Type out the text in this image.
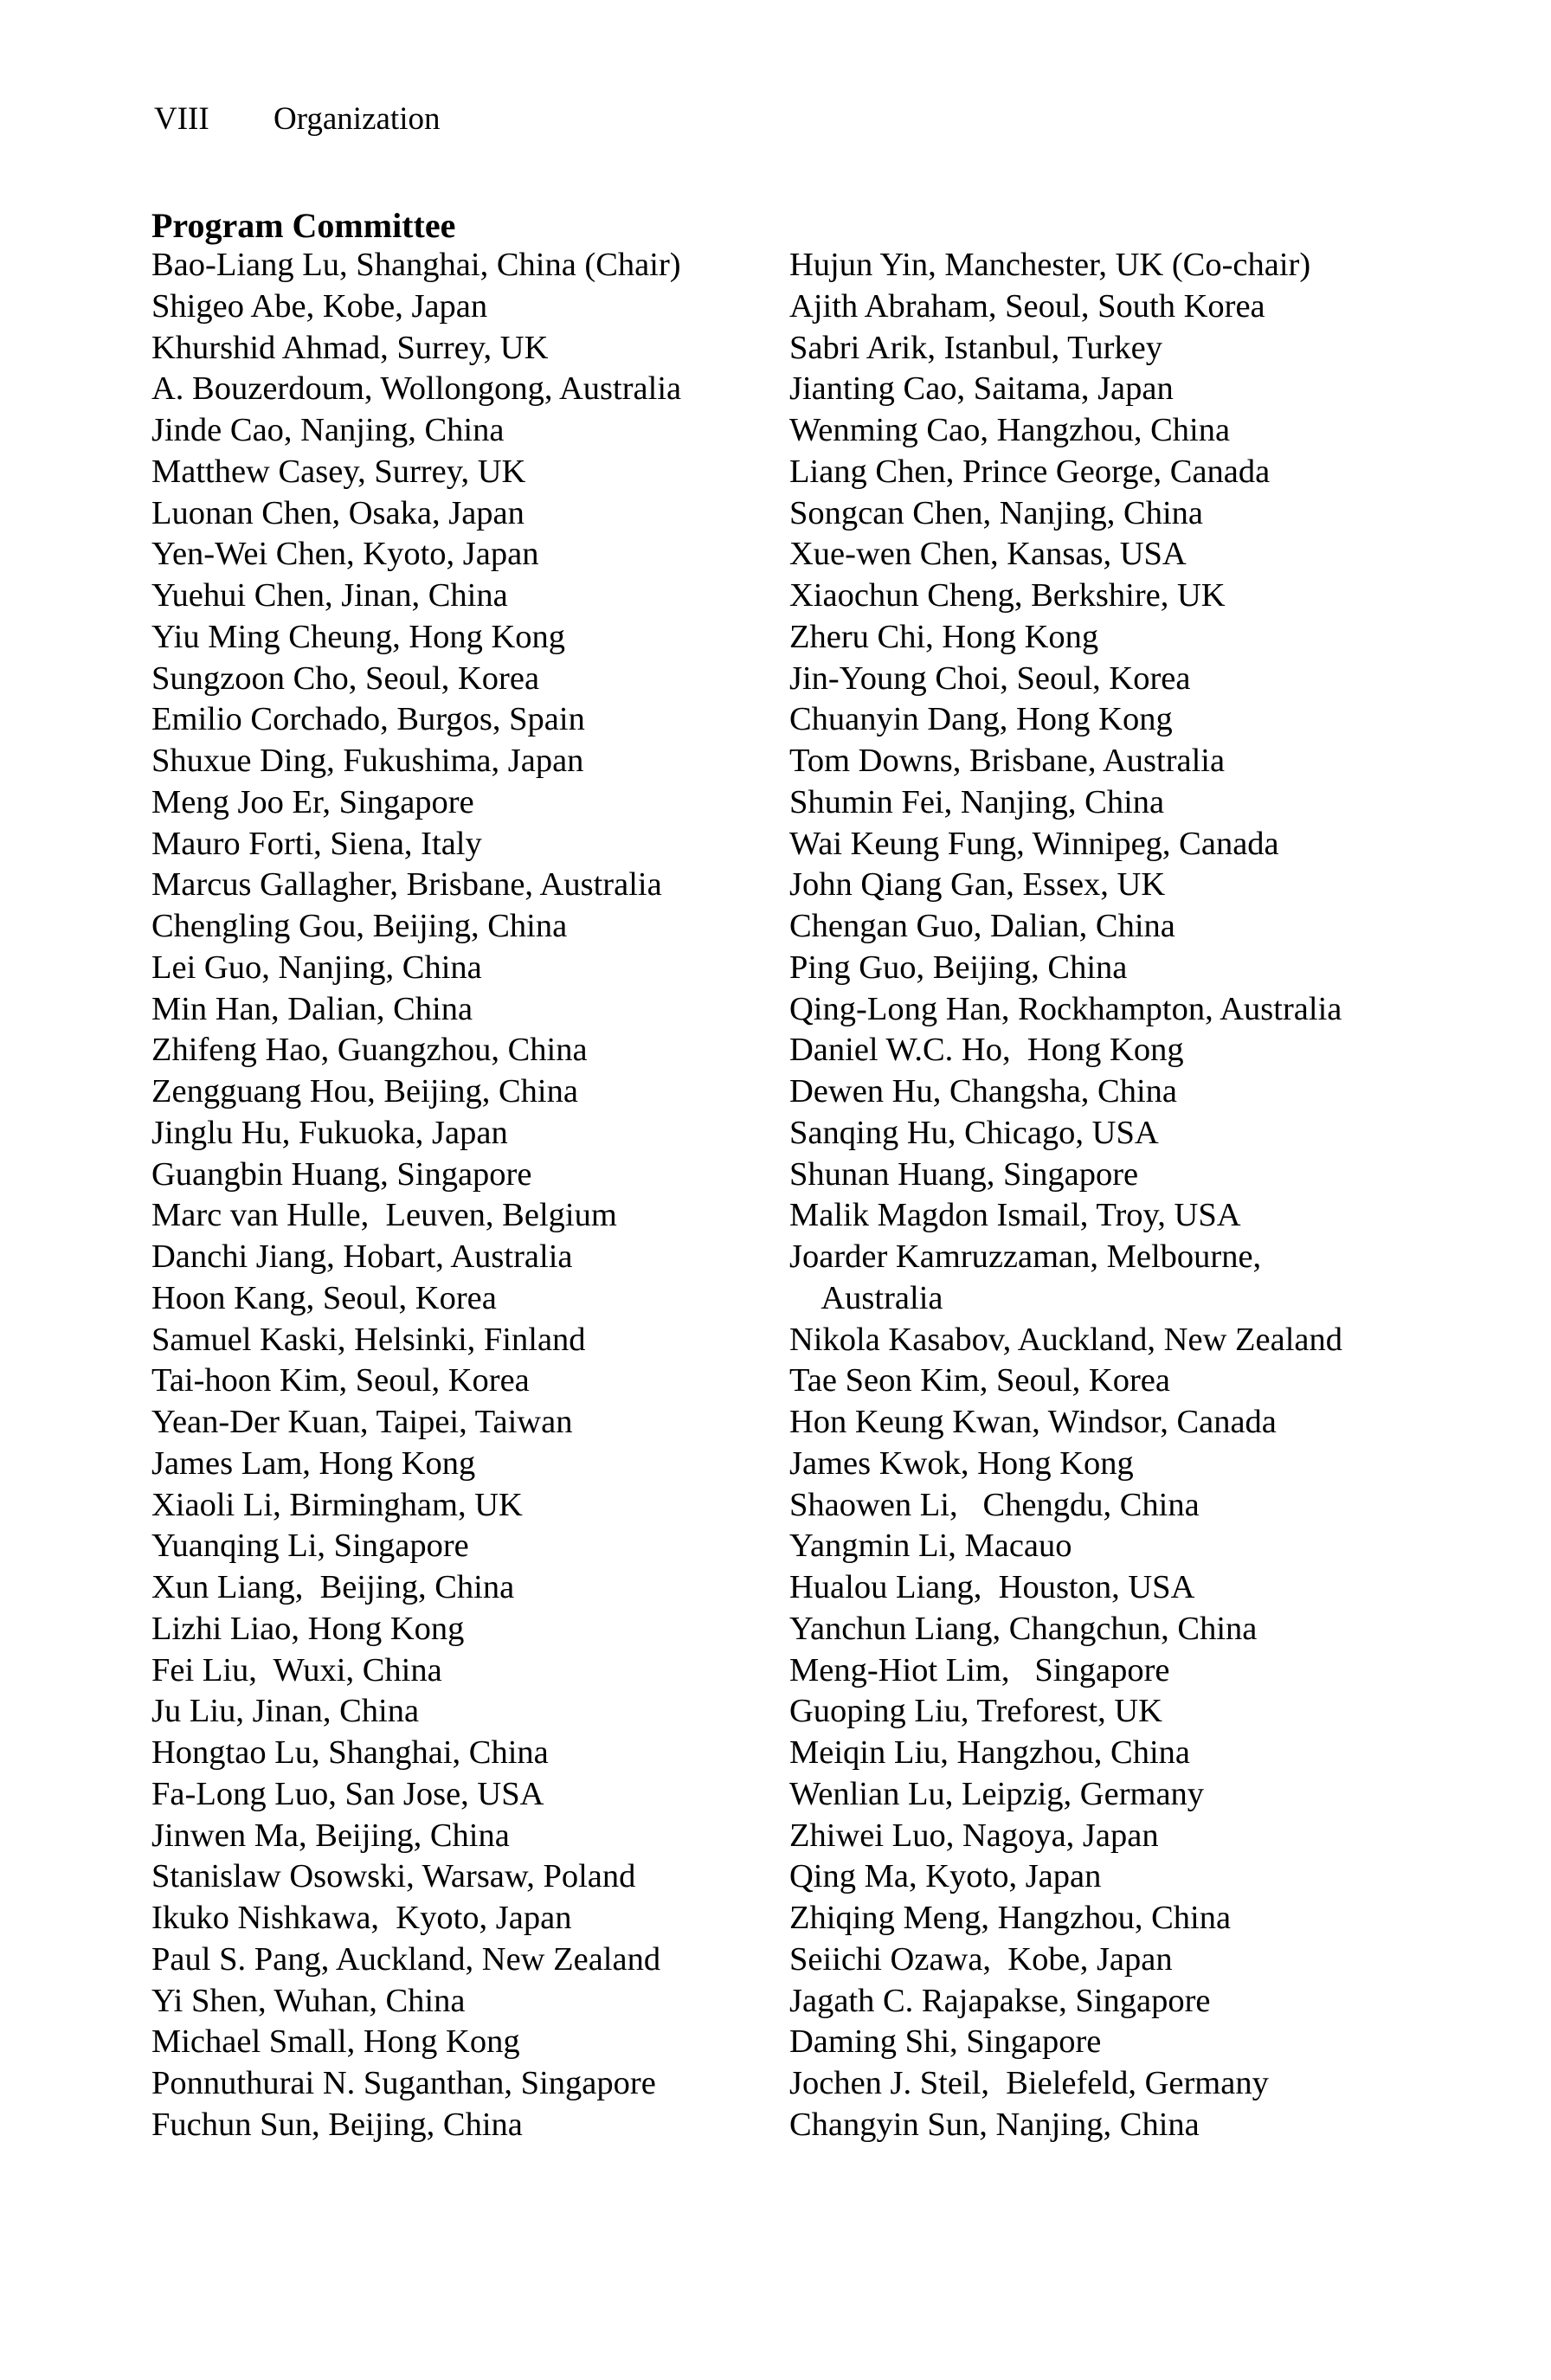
VIII Organization
Program Committee
Bao-Liang Lu, Shanghai, China (Chair)
Shigeo Abe, Kobe, Japan
Khurshid Ahmad, Surrey, UK
A. Bouzerdoum, Wollongong, Australia
Jinde Cao, Nanjing, China
Matthew Casey, Surrey, UK
Luonan Chen, Osaka, Japan
Yen-Wei Chen, Kyoto, Japan
Yuehui Chen, Jinan, China
Yiu Ming Cheung, Hong Kong
Sungzoon Cho, Seoul, Korea
Emilio Corchado, Burgos, Spain
Shuxue Ding, Fukushima, Japan
Meng Joo Er, Singapore
Mauro Forti, Siena, Italy
Marcus Gallagher, Brisbane, Australia
Chengling Gou, Beijing, China
Lei Guo, Nanjing, China
Min Han, Dalian, China
Zhifeng Hao, Guangzhou, China
Zengguang Hou, Beijing, China
Jinglu Hu, Fukuoka, Japan
Guangbin Huang, Singapore
Marc van Hulle,  Leuven, Belgium
Danchi Jiang, Hobart, Australia
Hoon Kang, Seoul, Korea
Samuel Kaski, Helsinki, Finland
Tai-hoon Kim, Seoul, Korea
Yean-Der Kuan, Taipei, Taiwan
James Lam, Hong Kong
Xiaoli Li, Birmingham, UK
Yuanqing Li, Singapore
Xun Liang,  Beijing, China
Lizhi Liao, Hong Kong
Fei Liu,  Wuxi, China
Ju Liu, Jinan, China
Hongtao Lu, Shanghai, China
Fa-Long Luo, San Jose, USA
Jinwen Ma, Beijing, China
Stanislaw Osowski, Warsaw, Poland
Ikuko Nishkawa,  Kyoto, Japan
Paul S. Pang, Auckland, New Zealand
Yi Shen, Wuhan, China
Michael Small, Hong Kong
Ponnuthurai N. Suganthan, Singapore
Fuchun Sun, Beijing, China
Hujun Yin, Manchester, UK (Co-chair)
Ajith Abraham, Seoul, South Korea
Sabri Arik, Istanbul, Turkey
Jianting Cao, Saitama, Japan
Wenming Cao, Hangzhou, China
Liang Chen, Prince George, Canada
Songcan Chen, Nanjing, China
Xue-wen Chen, Kansas, USA
Xiaochun Cheng, Berkshire, UK
Zheru Chi, Hong Kong
Jin-Young Choi, Seoul, Korea
Chuanyin Dang, Hong Kong
Tom Downs, Brisbane, Australia
Shumin Fei, Nanjing, China
Wai Keung Fung, Winnipeg, Canada
John Qiang Gan, Essex, UK
Chengan Guo, Dalian, China
Ping Guo, Beijing, China
Qing-Long Han, Rockhampton, Australia
Daniel W.C. Ho,  Hong Kong
Dewen Hu, Changsha, China
Sanqing Hu, Chicago, USA
Shunan Huang, Singapore
Malik Magdon Ismail, Troy, USA
Joarder Kamruzzaman, Melbourne,
Australia
Nikola Kasabov, Auckland, New Zealand
Tae Seon Kim, Seoul, Korea
Hon Keung Kwan, Windsor, Canada
James Kwok, Hong Kong
Shaowen Li,   Chengdu, China
Yangmin Li, Macauo
Hualou Liang,  Houston, USA
Yanchun Liang, Changchun, China
Meng-Hiot Lim,   Singapore
Guoping Liu, Treforest, UK
Meiqin Liu, Hangzhou, China
Wenlian Lu, Leipzig, Germany
Zhiwei Luo, Nagoya, Japan
Qing Ma, Kyoto, Japan
Zhiqing Meng, Hangzhou, China
Seiichi Ozawa,  Kobe, Japan
Jagath C. Rajapakse, Singapore
Daming Shi, Singapore
Jochen J. Steil,  Bielefeld, Germany
Changyin Sun, Nanjing, China
